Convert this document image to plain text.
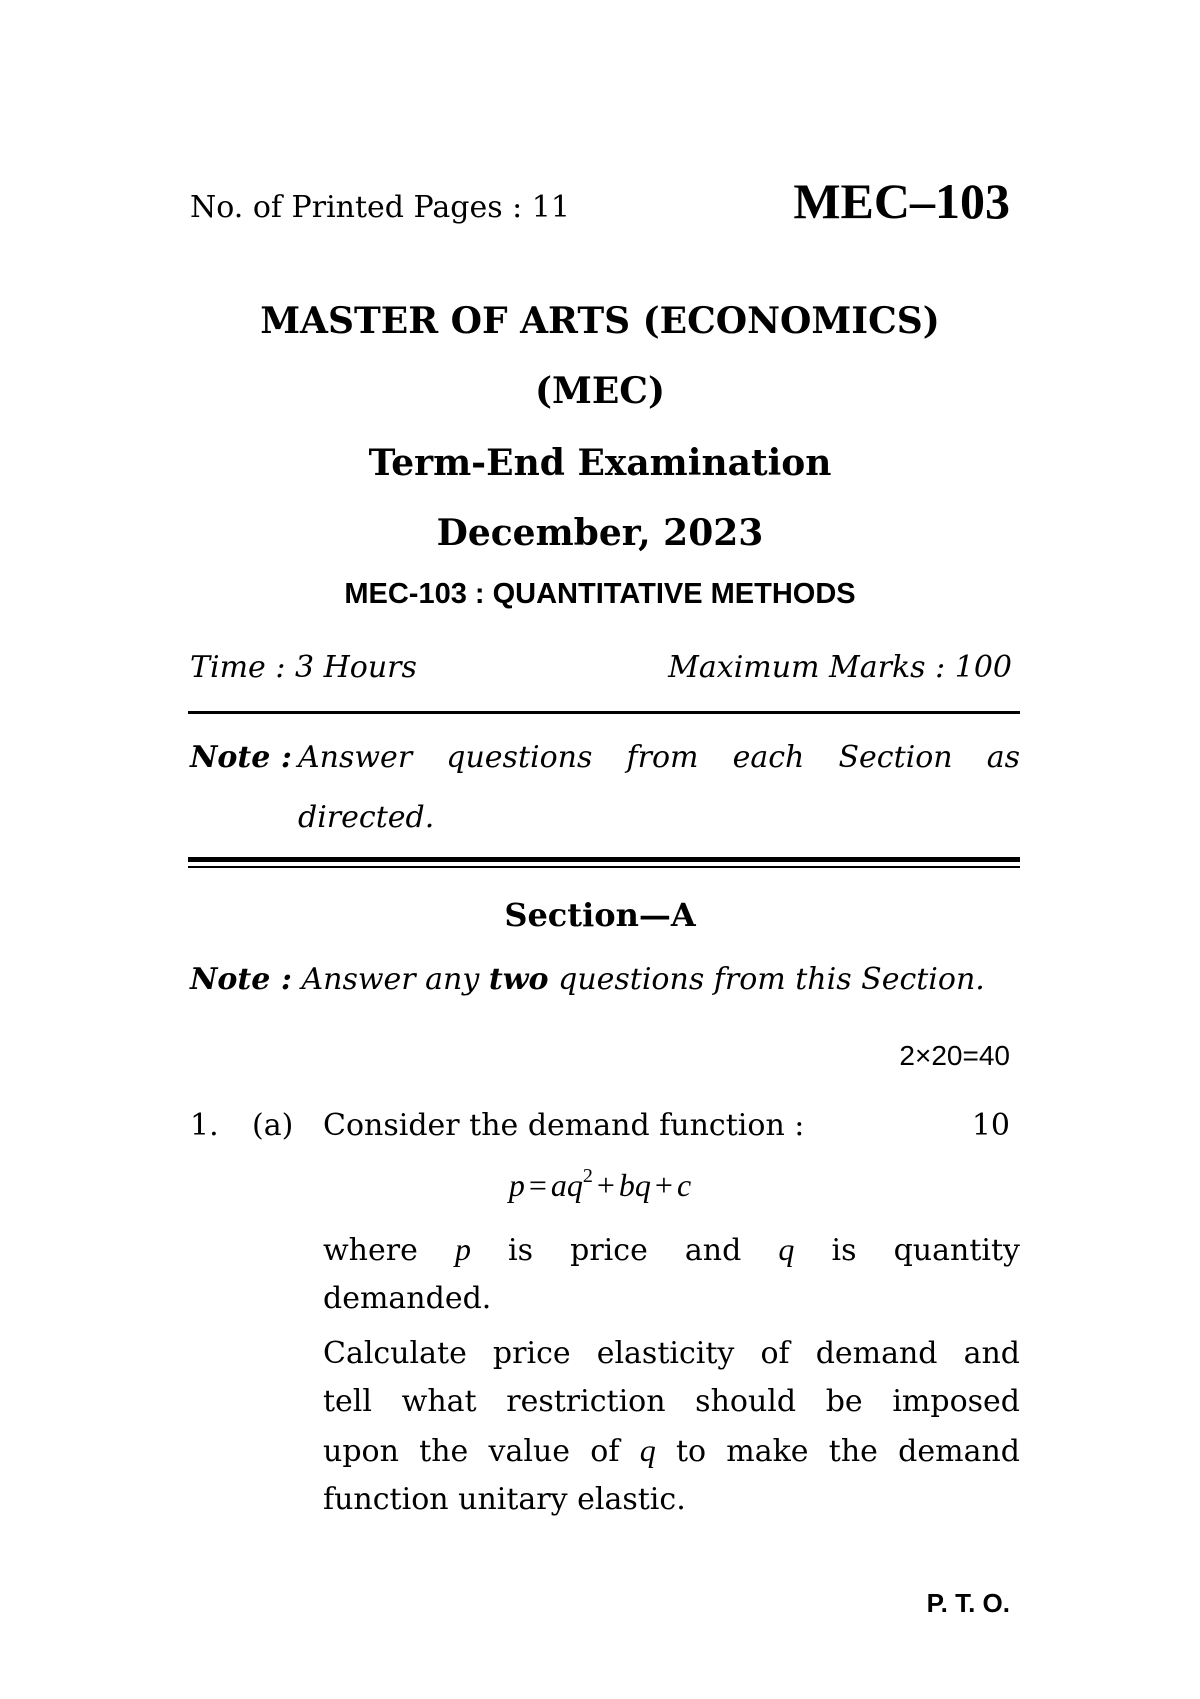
No. of Printed Pages : 11	MEC–103
MASTER OF ARTS (ECONOMICS)
(MEC)
Term-End Examination
December, 2023
MEC-103 : QUANTITATIVE METHODS
Time : 3 Hours	Maximum Marks : 100
Note : Answer questions from each Section as
directed.
Section—A
Note : Answer any two questions from this Section.
2×20=40
1. (a) Consider the demand function :	10
$p = aq^2$ + bq + c
where p is price and q is quantity
demanded.
Calculate price elasticity of demand and
tell what restriction should be imposed
upon the value of q to make the demand
function unitary elastic.
P. T. O.
